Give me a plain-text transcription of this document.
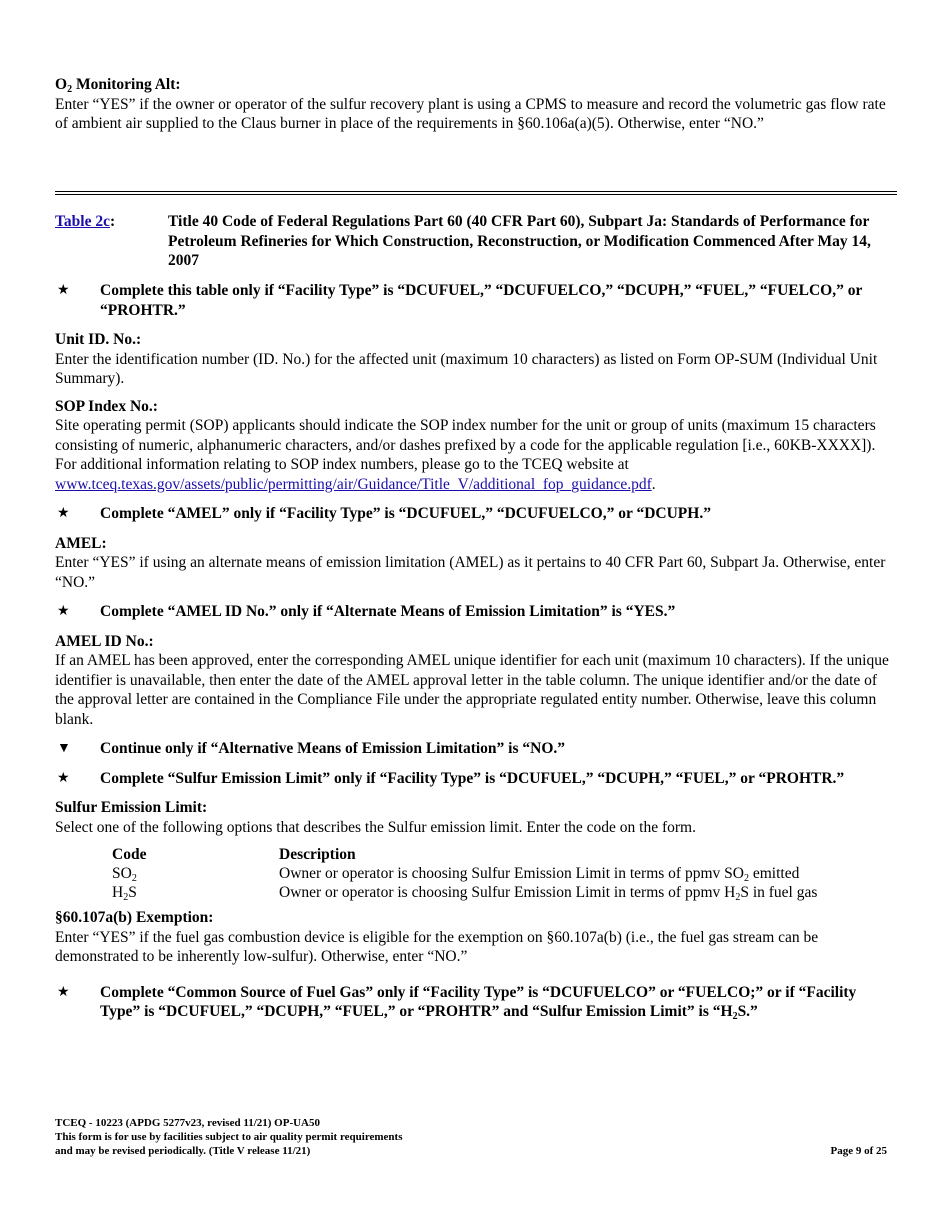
$O_2$ Monitoring Alt:

Enter “YES” if the owner or operator of the sulfur recovery plant is using a CPMS to measure and record the volumetric gas flow rate of ambient air supplied to the Claus burner in place of the requirements in §60.106a(a)(5). Otherwise, enter “NO.”

Table 2c:	Title 40 Code of Federal Regulations Part 60 (40 CFR Part 60), Subpart Ja: Standards of Performance for Petroleum Refineries for Which Construction, Reconstruction, or Modification Commenced After May 14, 2007
★	Complete this table only if “Facility Type” is “DCUFUEL,” “DCUFUELCO,” “DCUPH,” “FUEL,” “FUELCO,” or “PROHTR.”

Unit ID. No.:

Enter the identification number (ID. No.) for the affected unit (maximum 10 characters) as listed on Form OP-SUM (Individual Unit Summary).

SOP Index No.:

Site operating permit (SOP) applicants should indicate the SOP index number for the unit or group of units (maximum 15 characters consisting of numeric, alphanumeric characters, and/or dashes prefixed by a code for the applicable regulation [i.e., 60KB-XXXX]). For additional information relating to SOP index numbers, please go to the TCEQ website at www.tceq.texas.gov/assets/public/permitting/air/Guidance/Title_V/additional_fop_guidance.pdf.

★	Complete “AMEL” only if “Facility Type” is “DCUFUEL,” “DCUFUELCO,” or “DCUPH.”

AMEL:

Enter “YES” if using an alternate means of emission limitation (AMEL) as it pertains to 40 CFR Part 60, Subpart Ja. Otherwise, enter “NO.”

★	Complete “AMEL ID No.” only if “Alternate Means of Emission Limitation” is “YES.”

AMEL ID No.:

If an AMEL has been approved, enter the corresponding AMEL unique identifier for each unit (maximum 10 characters). If the unique identifier is unavailable, then enter the date of the AMEL approval letter in the table column. The unique identifier and/or the date of the approval letter are contained in the Compliance File under the appropriate regulated entity number. Otherwise, leave this column blank.

▼	Continue only if “Alternative Means of Emission Limitation” is “NO.”
★	Complete “Sulfur Emission Limit” only if “Facility Type” is “DCUFUEL,” “DCUPH,” “FUEL,” or “PROHTR.”

Sulfur Emission Limit:

Select one of the following options that describes the Sulfur emission limit. Enter the code on the form.

Code	Description
$SO_2$	Owner or operator is choosing Sulfur Emission Limit in terms of ppmv $SO_2$ emitted
$H_2S$	Owner or operator is choosing Sulfur Emission Limit in terms of ppmv $H_2S$ in fuel gas

§60.107a(b) Exemption:

Enter “YES” if the fuel gas combustion device is eligible for the exemption on §60.107a(b) (i.e., the fuel gas stream can be demonstrated to be inherently low-sulfur). Otherwise, enter “NO.”

★	Complete “Common Source of Fuel Gas” only if “Facility Type” is “DCUFUELCO” or “FUELCO;” or if “Facility Type” is “DCUFUEL,” “DCUPH,” “FUEL,” or “PROHTR” and “Sulfur Emission Limit” is “$H_2S$.”
TCEQ - 10223 (APDG 5277v23, revised 11/21) OP-UA50
This form is for use by facilities subject to air quality permit requirements
and may be revised periodically. (Title V release 11/21)	Page 9 of 25
